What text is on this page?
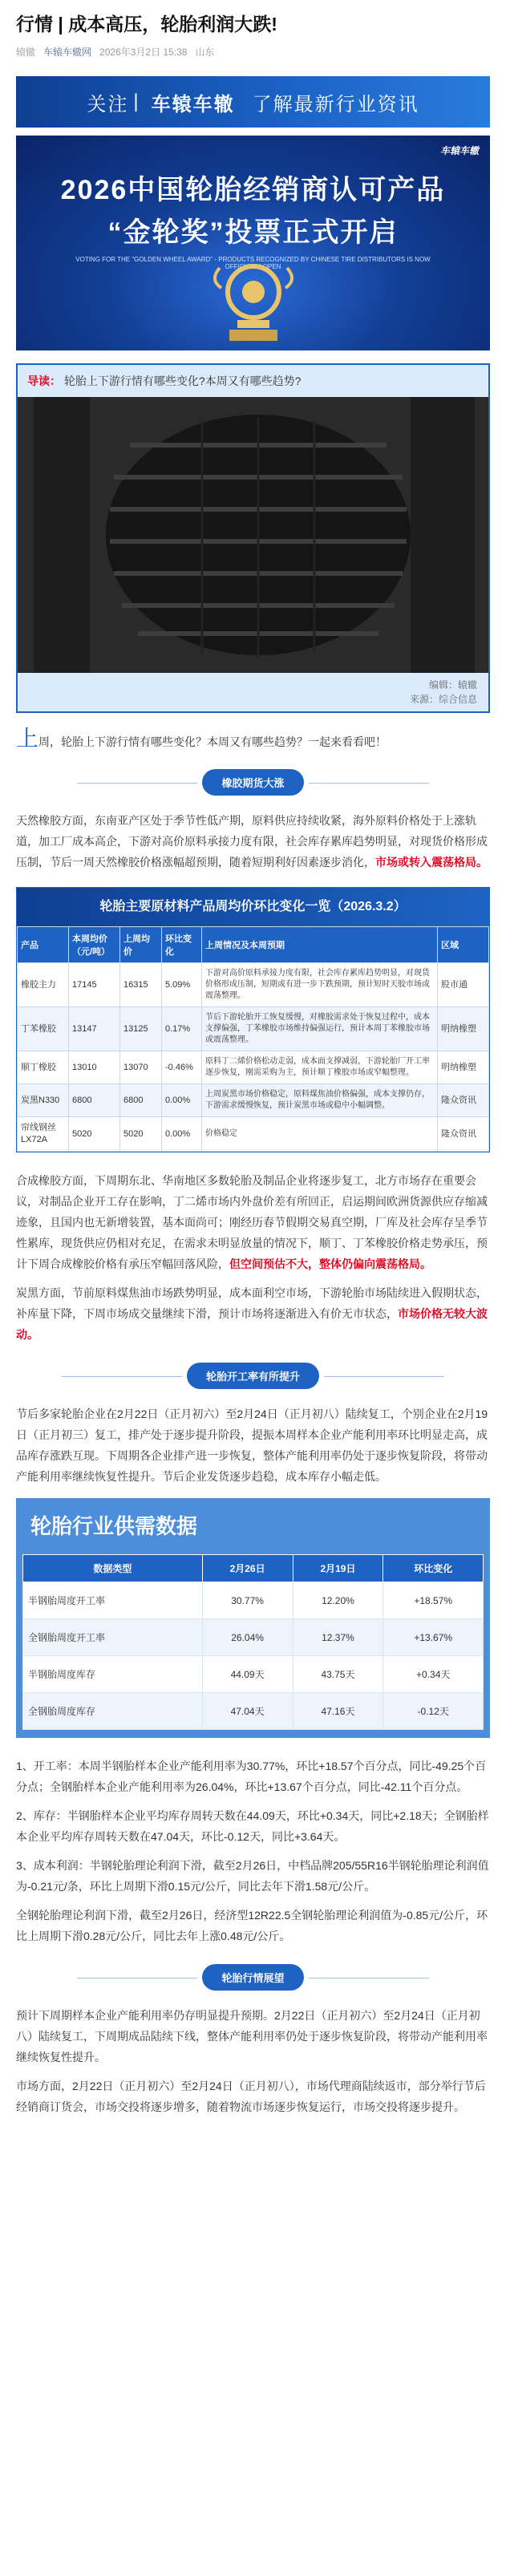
行情 | 成本高压，轮胎利润大跌!
辕辙 车辕车辙网 2026年3月2日 15:38 山东
关注 | 车辕车辙 了解最新行业资讯
车辕车辙
2026中国轮胎经销商认可产品
“金轮奖”投票正式开启
VOTING FOR THE "GOLDEN WHEEL AWARD" - PRODUCTS RECOGNIZED BY CHINESE TIRE DISTRIBUTORS IS NOW OFFICIALLY OPEN
导读： 轮胎上下游行情有哪些变化?本周又有哪些趋势?
编辑：辕辙
来源：综合信息

上周，轮胎上下游行情有哪些变化？本周又有哪些趋势？一起来看看吧！

橡胶期货大涨

天然橡胶方面，东南亚产区处于季节性低产期，原料供应持续收紧，海外原料价格处于上涨轨道，加工厂成本高企，下游对高价原料承接力度有限，社会库存累库趋势明显，对现货价格形成压制，节后一周天然橡胶价格涨幅超预期，随着短期利好因素逐步消化，市场或转入震荡格局。

轮胎主要原材料产品周均价环比变化一览（2026.3.2）
产品	本周均价（元/吨）	上周均价	环比变化	上周情况及本周预期	区域
橡胶主力	17145	16315	5.09%	下游对高价原料承接力度有限，社会库存累库趋势明显，对现货价格形成压制，短期或有进一步下跌预期，预计短时天胶市场或震荡整理。	股市通
丁苯橡胶	13147	13125	0.17%	节后下游轮胎开工恢复缓慢，对橡胶需求处于恢复过程中，成本支撑偏强，丁苯橡胶市场维持偏强运行，预计本周丁苯橡胶市场或震荡整理。	明纳橡塑
顺丁橡胶	13010	13070	-0.46%	原料丁二烯价格松动走弱，成本面支撑减弱，下游轮胎厂开工率逐步恢复，刚需采购为主，预计顺丁橡胶市场或窄幅整理。	明纳橡塑
炭黑N330	6800	6800	0.00%	上周炭黑市场价格稳定，原料煤焦油价格偏强，成本支撑仍存，下游需求缓慢恢复，预计炭黑市场或稳中小幅调整。	隆众资讯
帘线钢丝LX72A	5020	5020	0.00%	价格稳定	隆众资讯

合成橡胶方面，下周期东北、华南地区多数轮胎及制品企业将逐步复工，北方市场存在重要会议，对制品企业开工存在影响，丁二烯市场内外盘价差有所回正，启运期间欧洲货源供应存缩减迹象，且国内也无新增装置，基本面尚可；刚经历春节假期交易真空期，厂库及社会库存呈季节性累库，现货供应仍相对充足，在需求未明显放量的情况下，顺丁、丁苯橡胶价格走势承压，预计下周合成橡胶价格有承压窄幅回落风险，但空间预估不大，整体仍偏向震荡格局。

炭黑方面，节前原料煤焦油市场跌势明显，成本面利空市场，下游轮胎市场陆续进入假期状态，补库量下降，下周市场成交量继续下滑，预计市场将逐渐进入有价无市状态，市场价格无较大波动。

轮胎开工率有所提升

节后多家轮胎企业在2月22日（正月初六）至2月24日（正月初八）陆续复工，个别企业在2月19日（正月初三）复工，排产处于逐步提升阶段，提振本周样本企业产能利用率环比明显走高，成品库存涨跌互现。下周期各企业排产进一步恢复，整体产能利用率仍处于逐步恢复阶段，将带动产能利用率继续恢复性提升。节后企业发货逐步趋稳，成本库存小幅走低。

轮胎行业供需数据
数据类型	2月26日	2月19日	环比变化
半钢胎周度开工率	30.77%	12.20%	+18.57%
全钢胎周度开工率	26.04%	12.37%	+13.67%
半钢胎周度库存	44.09天	43.75天	+0.34天
全钢胎周度库存	47.04天	47.16天	-0.12天

1、开工率：本周半钢胎样本企业产能利用率为30.77%，环比+18.57个百分点，同比-49.25个百分点；全钢胎样本企业产能利用率为26.04%，环比+13.67个百分点，同比-42.11个百分点。

2、库存：半钢胎样本企业平均库存周转天数在44.09天，环比+0.34天，同比+2.18天；全钢胎样本企业平均库存周转天数在47.04天，环比-0.12天，同比+3.64天。

3、成本利润：半钢轮胎理论利润下滑，截至2月26日，中档品牌205/55R16半钢轮胎理论利润值为-0.21元/条，环比上周期下滑0.15元/公斤，同比去年下滑1.58元/公斤。

全钢轮胎理论利润下滑，截至2月26日，经济型12R22.5全钢轮胎理论利润值为-0.85元/公斤，环比上周期下滑0.28元/公斤，同比去年上涨0.48元/公斤。

轮胎行情展望

预计下周期样本企业产能利用率仍存明显提升预期。2月22日（正月初六）至2月24日（正月初八）陆续复工，下周期成品陆续下线，整体产能利用率仍处于逐步恢复阶段，将带动产能利用率继续恢复性提升。

市场方面，2月22日（正月初六）至2月24日（正月初八），市场代理商陆续返市，部分举行节后经销商订货会，市场交投将逐步增多，随着物流市场逐步恢复运行，市场交投将逐步提升。
